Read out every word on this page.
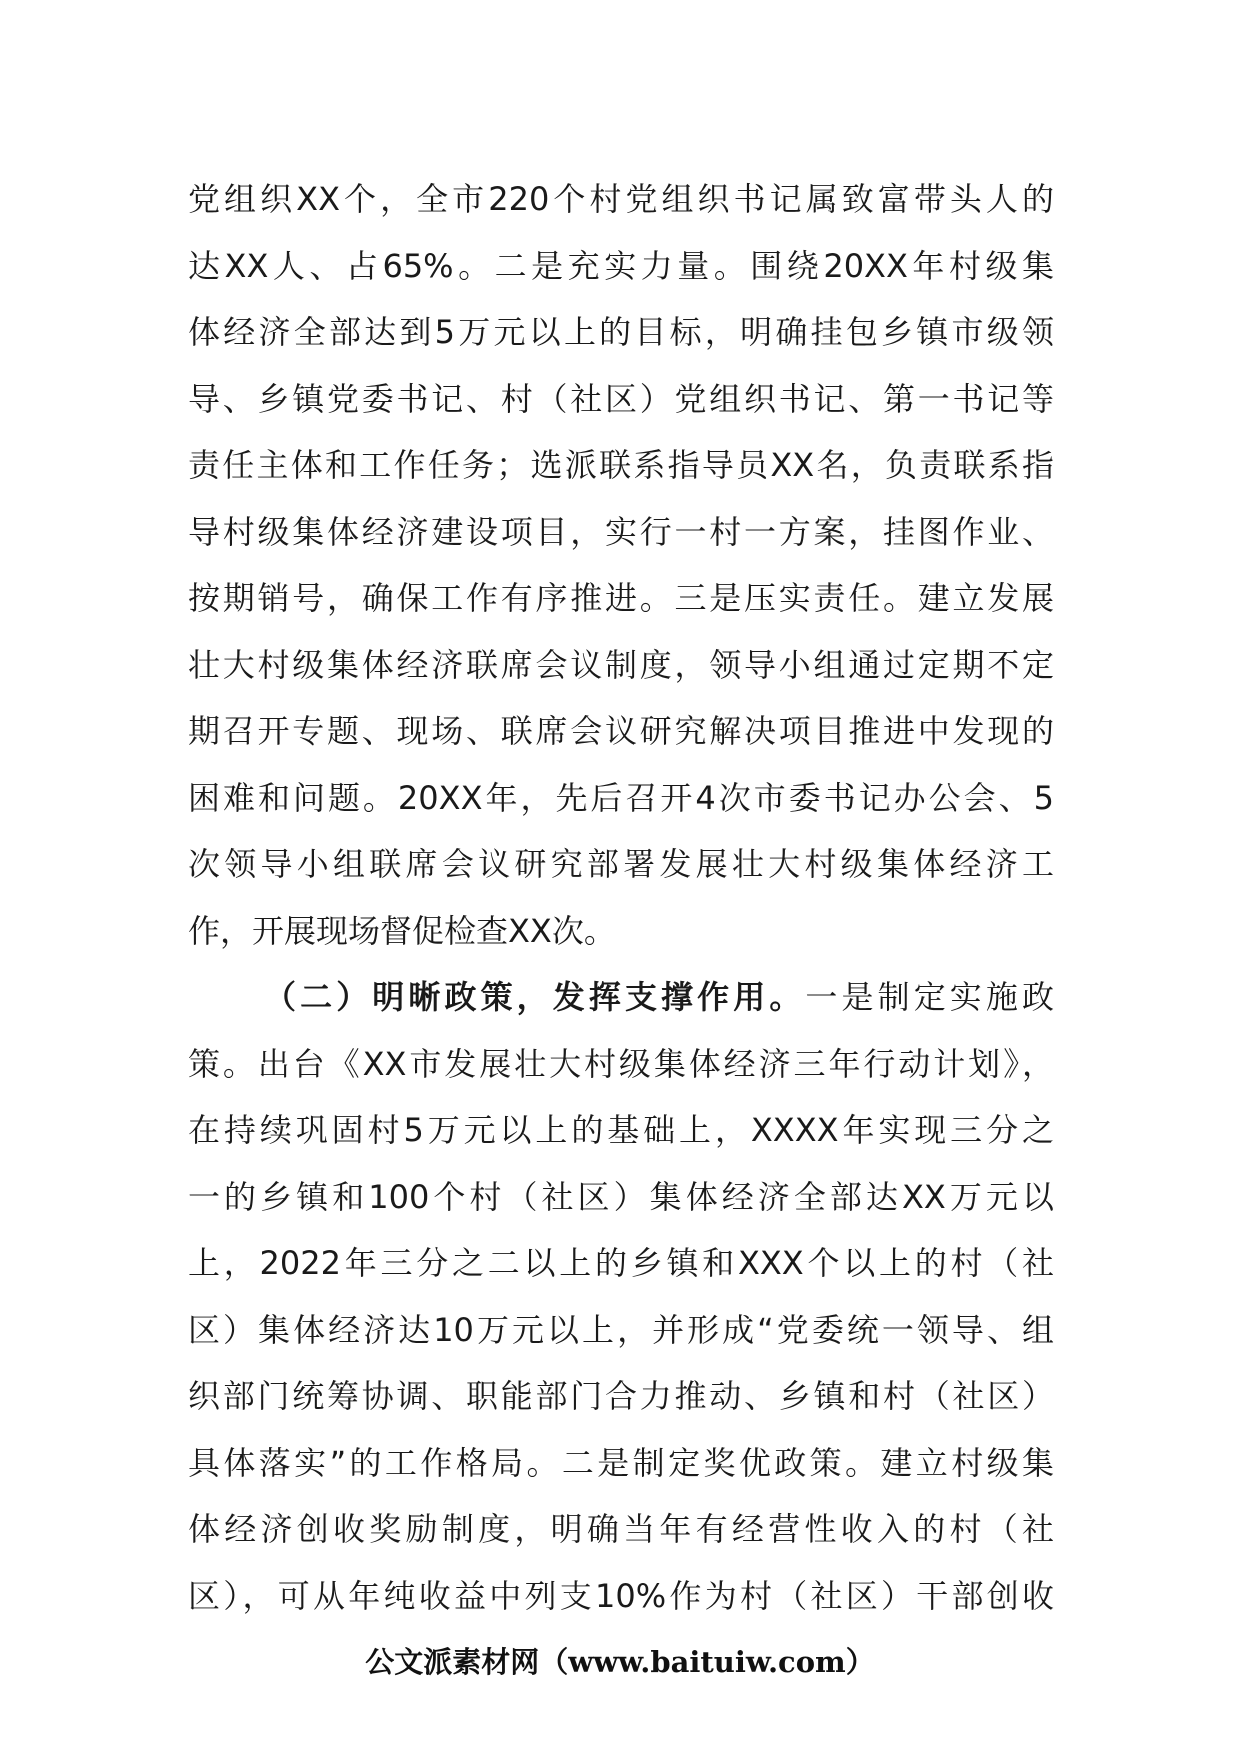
党组织XX个，全市220个村党组织书记属致富带头人的
达XX人、占65%。二是充实力量。围绕20XX年村级集
体经济全部达到5万元以上的目标，明确挂包乡镇市级领
导、乡镇党委书记、村（社区）党组织书记、第一书记等
责任主体和工作任务；选派联系指导员XX名，负责联系指
导村级集体经济建设项目，实行一村一方案，挂图作业、
按期销号，确保工作有序推进。三是压实责任。建立发展
壮大村级集体经济联席会议制度，领导小组通过定期不定
期召开专题、现场、联席会议研究解决项目推进中发现的
困难和问题。20XX年，先后召开4次市委书记办公会、5
次领导小组联席会议研究部署发展壮大村级集体经济工
作，开展现场督促检查XX次。
（二）明晰政策，发挥支撑作用。一是制定实施政
策。出台《XX市发展壮大村级集体经济三年行动计划》，
在持续巩固村5万元以上的基础上，XXXX年实现三分之
一的乡镇和100个村（社区）集体经济全部达XX万元以
上，2022年三分之二以上的乡镇和XXX个以上的村（社
区）集体经济达10万元以上，并形成“党委统一领导、组
织部门统筹协调、职能部门合力推动、乡镇和村（社区）
具体落实”的工作格局。二是制定奖优政策。建立村级集
体经济创收奖励制度，明确当年有经营性收入的村（社
区），可从年纯收益中列支10%作为村（社区）干部创收
公文派素材网（www.baituiw.com）
